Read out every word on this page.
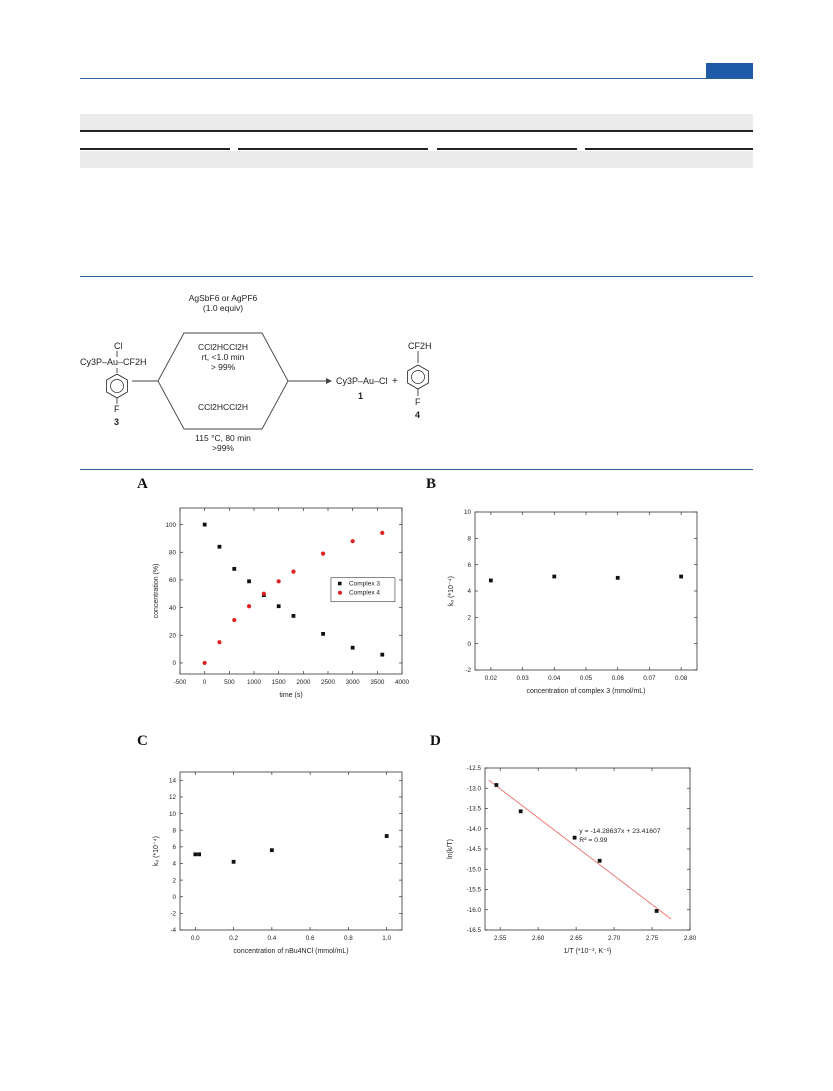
Cl
Cy3P–Au–CF2H
F
3
AgSbF6 or AgPF6
(1.0 equiv)
CCl2HCCl2H
rt, <1.0 min
> 99%
CCl2HCCl2H
115 °C, 80 min
>99%
Cy3P–Au–Cl
1
+
CF2H
F
4
A	B
C	D
-500	0	500 1000 1500 2000 2500 3000 3500 4000
0
20
40
60
80
100
time (s)
concentration (%)	Complex 3
Complex 4
0.02	0.03	0.04	0.05	0.06	0.07	0.08
-2
0
2
4
6
8
10
concentration of complex 3 (mmol/mL)
kₒ (*10⁻⁴)
0.0	0.2	0.4	0.6	0.8	1.0
-4
-2
0
2
4
6
8
10
12
14
concentration of nBu4NCl (mmol/mL)
kₒ (*10⁻⁴)
2.55	2.60	2.65	2.70	2.75	2.80
-16.5
-16.0
-15.5
-15.0
-14.5
-14.0
-13.5
-13.0
-12.5
1/T (*10⁻³, K⁻¹)
ln(k/T)
y = -14.28637x + 23.41607
R² = 0.99
